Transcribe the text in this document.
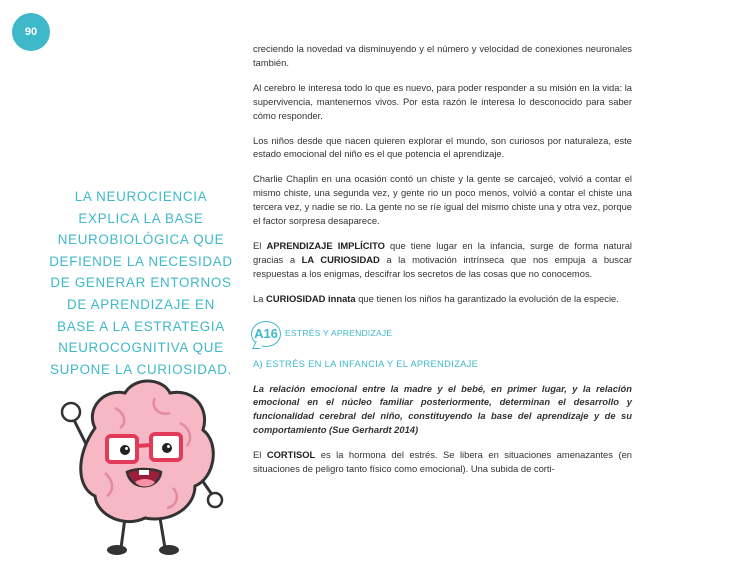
90
LA NEUROCIENCIA EXPLICA LA BASE NEUROBIOLÓGICA QUE DEFIENDE LA NECESIDAD DE GENERAR ENTORNOS DE APRENDIZAJE EN BASE A LA ESTRATEGIA NEUROCOGNITIVA QUE SUPONE LA CURIOSIDAD.

creciendo la novedad va disminuyendo y el número y velocidad de conexiones neuronales también.

Al cerebro le interesa todo lo que es nuevo, para poder responder a su misión en la vida: la supervivencia, mantenernos vivos. Por esta razón le interesa lo desconocido para saber cómo responder.

Los niños desde que nacen quieren explorar el mundo, son curiosos por naturaleza, este estado emocional del niño es el que potencia el aprendizaje.

Charlie Chaplin en una ocasión contó un chiste y la gente se carcajeó, volvió a contar el mismo chiste, una segunda vez, y gente rio un poco menos, volvió a contar el chiste una tercera vez, y nadie se rio. La gente no se ríe igual del mismo chiste una y otra vez, porque el factor sorpresa desaparece.

El APRENDIZAJE IMPLÍCITO que tiene lugar en la infancia, surge de forma natural gracias a LA CURIOSIDAD a la motivación intrínseca que nos empuja a buscar respuestas a los enigmas, descifrar los secretos de las cosas que no conocemos.

La CURIOSIDAD innata que tienen los niños ha garantizado la evolución de la especie.

A16 ESTRÉS Y APRENDIZAJE
A) ESTRÉS EN LA INFANCIA Y EL APRENDIZAJE

La relación emocional entre la madre y el bebé, en primer lugar, y la relación emocional en el núcleo familiar posteriormente, determinan el desarrollo y funcionalidad cerebral del niño, constituyendo la base del aprendizaje y de su comportamiento (Sue Gerhardt 2014)

El CORTISOL es la hormona del estrés. Se libera en situaciones amenazantes (en situaciones de peligro tanto físico como emocional). Una subida de corti-
